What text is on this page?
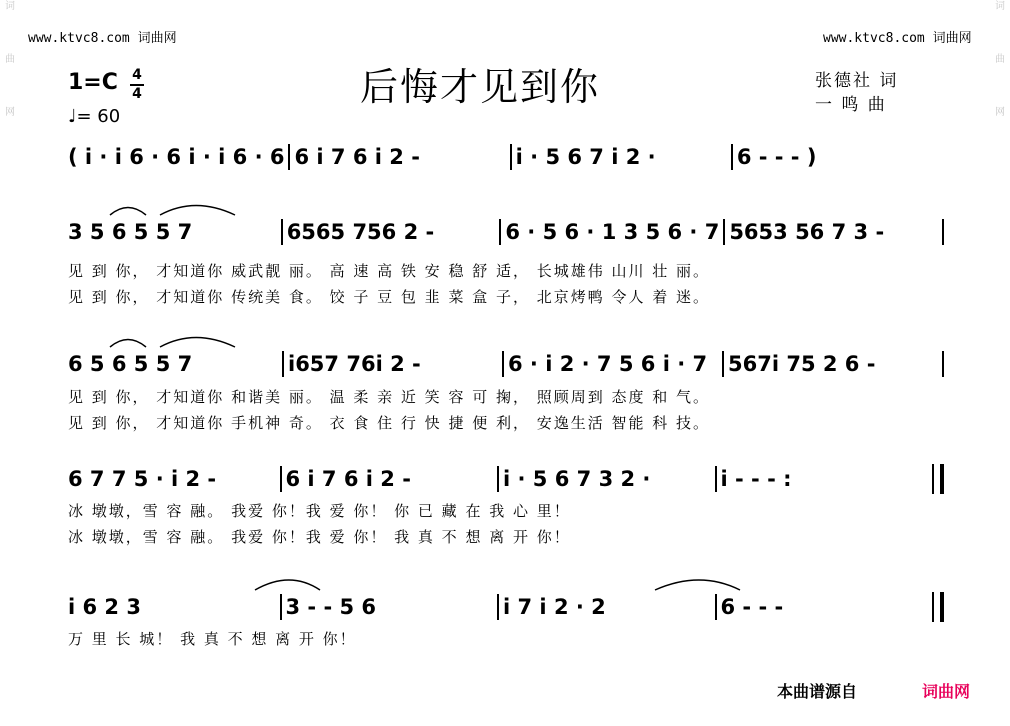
词
曲
网
词
曲
网
www.ktvc8.com 词曲网	www.ktvc8.com 词曲网
后悔才见到你
1=C 4
4
♩= 60
张德社 词
一 鸣 曲
( i · i 6 · 6 i · i 6 · 6 6 i 7 6 i 2 -	i · 5 6 7 i 2 ·	6 - - - )
3 5 6 5 5 7	6565 756 2 -	6 · 5 6 · 1 3 5 6 · 7 5653 56 7 3 -
见 到 你， 才知道你 威武靓 丽。 高 速 高 铁 安 稳 舒 适， 长城雄伟 山川 壮 丽。
见 到 你， 才知道你 传统美 食。 饺 子 豆 包 韭 菜 盒 子， 北京烤鸭 令人 着 迷。
6 5 6 5 5 7	i657 76i 2 -	6 · i 2 · 7 5 6 i · 7 567i 75 2 6 -
见 到 你， 才知道你 和谐美 丽。 温 柔 亲 近 笑 容 可 掬， 照顾周到 态度 和 气。
见 到 你， 才知道你 手机神 奇。 衣 食 住 行 快 捷 便 利， 安逸生活 智能 科 技。
6 7 7 5 · i 2 -	6 i 7 6 i 2 -	i · 5 6 7 3 2 ·	i - - - :
冰 墩墩，雪 容 融。 我爱 你！我 爱 你！ 你 已 藏 在 我 心 里！
冰 墩墩，雪 容 融。 我爱 你！我 爱 你！ 我 真 不 想 离 开 你！
i 6 2 3	3 - - 5 6	i 7 i 2 · 2	6 - - -
万 里 长 城！ 我 真 不 想 离 开 你！
本曲谱源自	词曲网
